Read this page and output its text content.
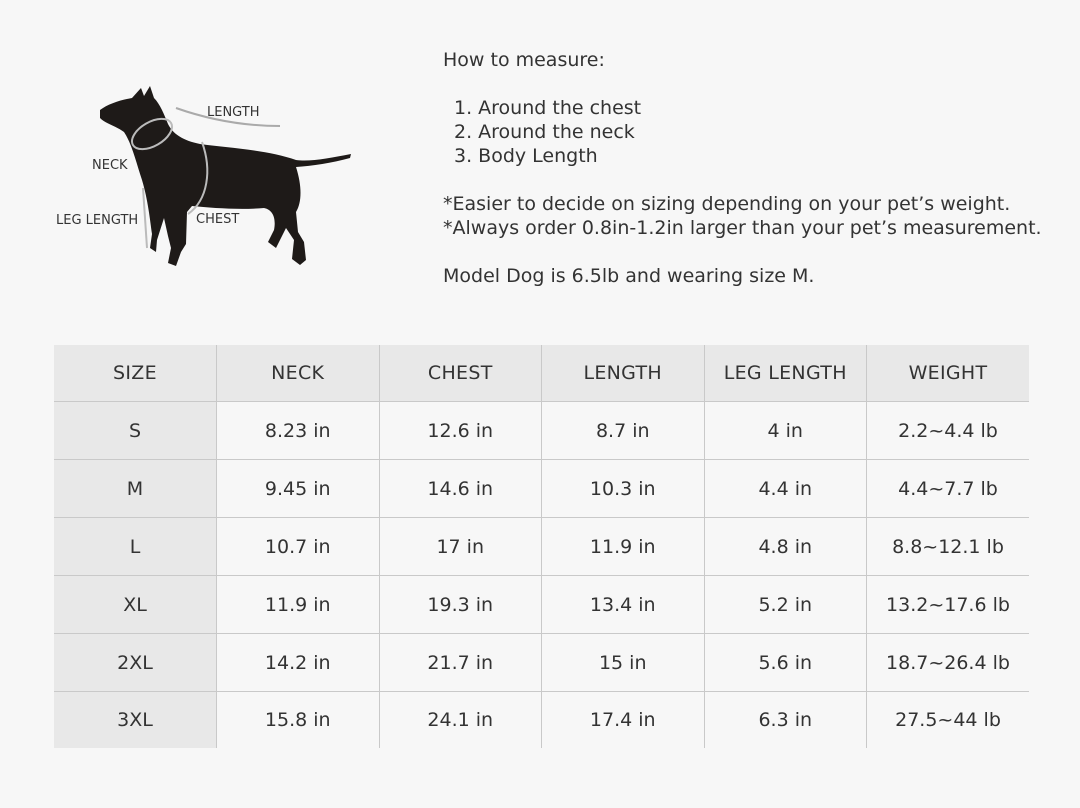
LENGTH
NECK
LEG LENGTH	CHEST
How to measure:
1. Around the chest
2. Around the neck
3. Body Length
*Easier to decide on sizing depending on your pet’s weight.
*Always order 0.8in-1.2in larger than your pet’s measurement.
Model Dog is 6.5lb and wearing size M.
SIZE	NECK	CHEST	LENGTH	LEG LENGTH	WEIGHT
S	8.23 in	12.6 in	8.7 in	4 in	2.2~4.4 lb
M	9.45 in	14.6 in	10.3 in	4.4 in	4.4~7.7 lb
L	10.7 in	17 in	11.9 in	4.8 in	8.8~12.1 lb
XL	11.9 in	19.3 in	13.4 in	5.2 in	13.2~17.6 lb
2XL	14.2 in	21.7 in	15 in	5.6 in	18.7~26.4 lb
3XL	15.8 in	24.1 in	17.4 in	6.3 in	27.5~44 lb
